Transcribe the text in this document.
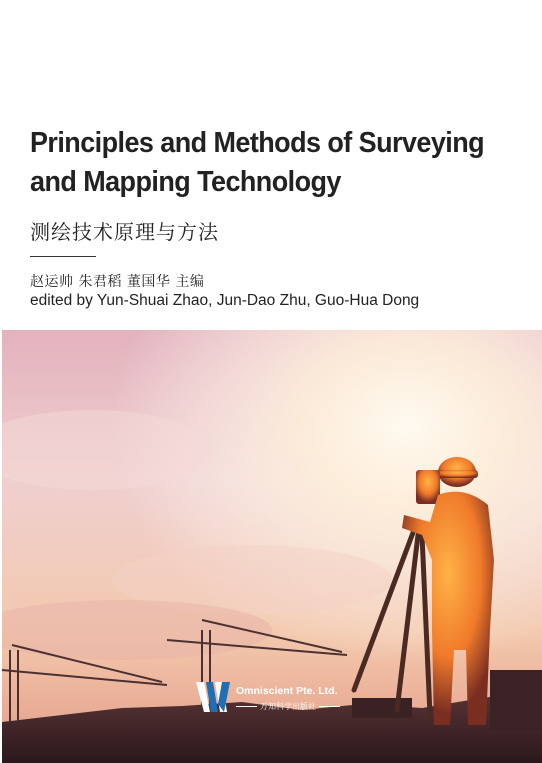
Principles and Methods of Surveying
and Mapping Technology
测绘技术原理与方法
赵运帅 朱君稻 董国华 主编
edited by Yun-Shuai Zhao, Jun-Dao Zhu, Guo-Hua Dong
Omniscient Pte. Ltd.
万知科学出版社
